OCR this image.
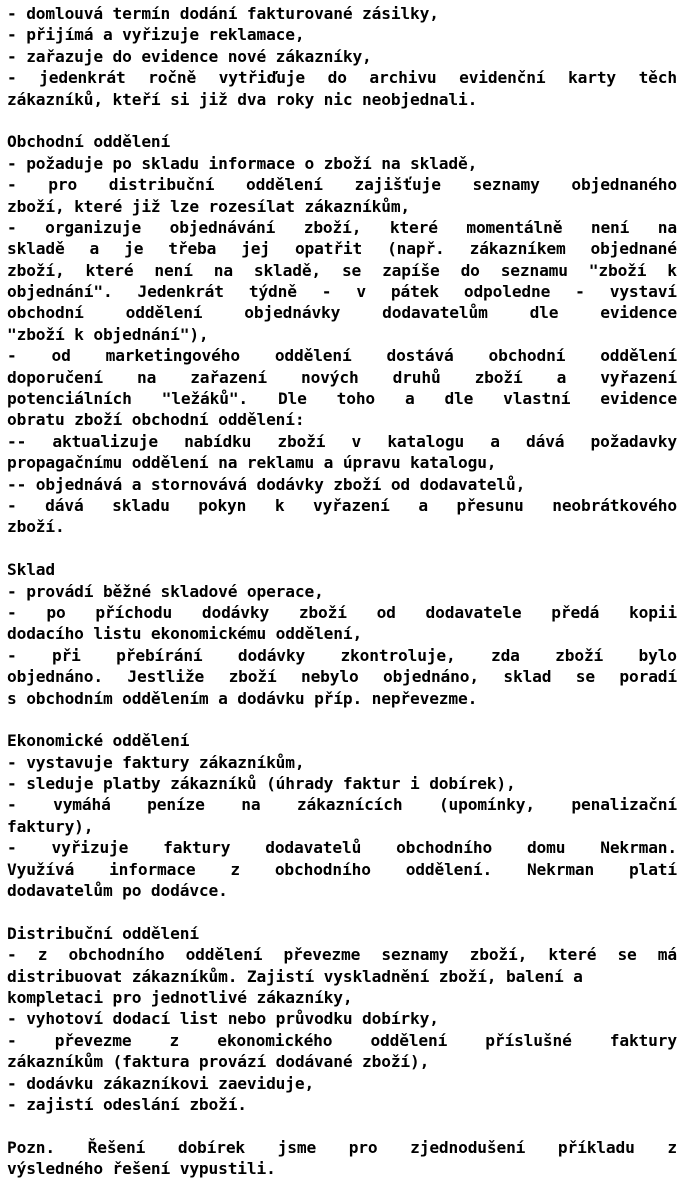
- domlouvá termín dodání fakturované zásilky,
- přijímá a vyřizuje reklamace,
- zařazuje do evidence nové zákazníky,
- jedenkrát ročně vytřiďuje do archivu evidenční karty těch
zákazníků, kteří si již dva roky nic neobjednali.

Obchodní oddělení
- požaduje po skladu informace o zboží na skladě,
- pro distribuční oddělení zajišťuje seznamy objednaného
zboží, které již lze rozesílat zákazníkům,
- organizuje objednávání zboží, které momentálně není na
skladě a je třeba jej opatřit (např. zákazníkem objednané
zboží, které není na skladě, se zapíše do seznamu "zboží k
objednání". Jedenkrát týdně - v pátek odpoledne - vystaví
obchodní	oddělení	objednávky	dodavatelům	dle	evidence
"zboží k objednání"),
- od marketingového oddělení dostává obchodní oddělení
doporučení na zařazení nových druhů zboží a vyřazení
potenciálních "ležáků". Dle toho a dle vlastní evidence
obratu zboží obchodní oddělení:
-- aktualizuje nabídku zboží v katalogu a dává požadavky
propagačnímu oddělení na reklamu a úpravu katalogu,
-- objednává a stornovává dodávky zboží od dodavatelů,
- dává skladu pokyn k vyřazení a přesunu neobrátkového
zboží.

Sklad
- provádí běžné skladové operace,
- po příchodu dodávky zboží od dodavatele předá kopii
dodacího listu ekonomickému oddělení,
- při přebírání dodávky zkontroluje, zda zboží bylo
objednáno. Jestliže zboží nebylo objednáno, sklad se poradí
s obchodním oddělením a dodávku příp. nepřevezme.

Ekonomické oddělení
- vystavuje faktury zákazníkům,
- sleduje platby zákazníků (úhrady faktur i dobírek),
- vymáhá peníze na zákaznících (upomínky, penalizační
faktury),
- vyřizuje faktury dodavatelů obchodního domu Nekrman.
Využívá informace z obchodního oddělení. Nekrman platí
dodavatelům po dodávce.

Distribuční oddělení
- z obchodního oddělení převezme seznamy zboží, které se má
distribuovat zákazníkům. Zajistí vyskladnění zboží, balení a
kompletaci pro jednotlivé zákazníky,
- vyhotoví dodací list nebo průvodku dobírky,
- převezme z ekonomického oddělení příslušné faktury
zákazníkům (faktura provází dodávané zboží),
- dodávku zákazníkovi zaeviduje,
- zajistí odeslání zboží.

Pozn. Řešení dobírek jsme pro zjednodušení příkladu z
výsledného řešení vypustili.
